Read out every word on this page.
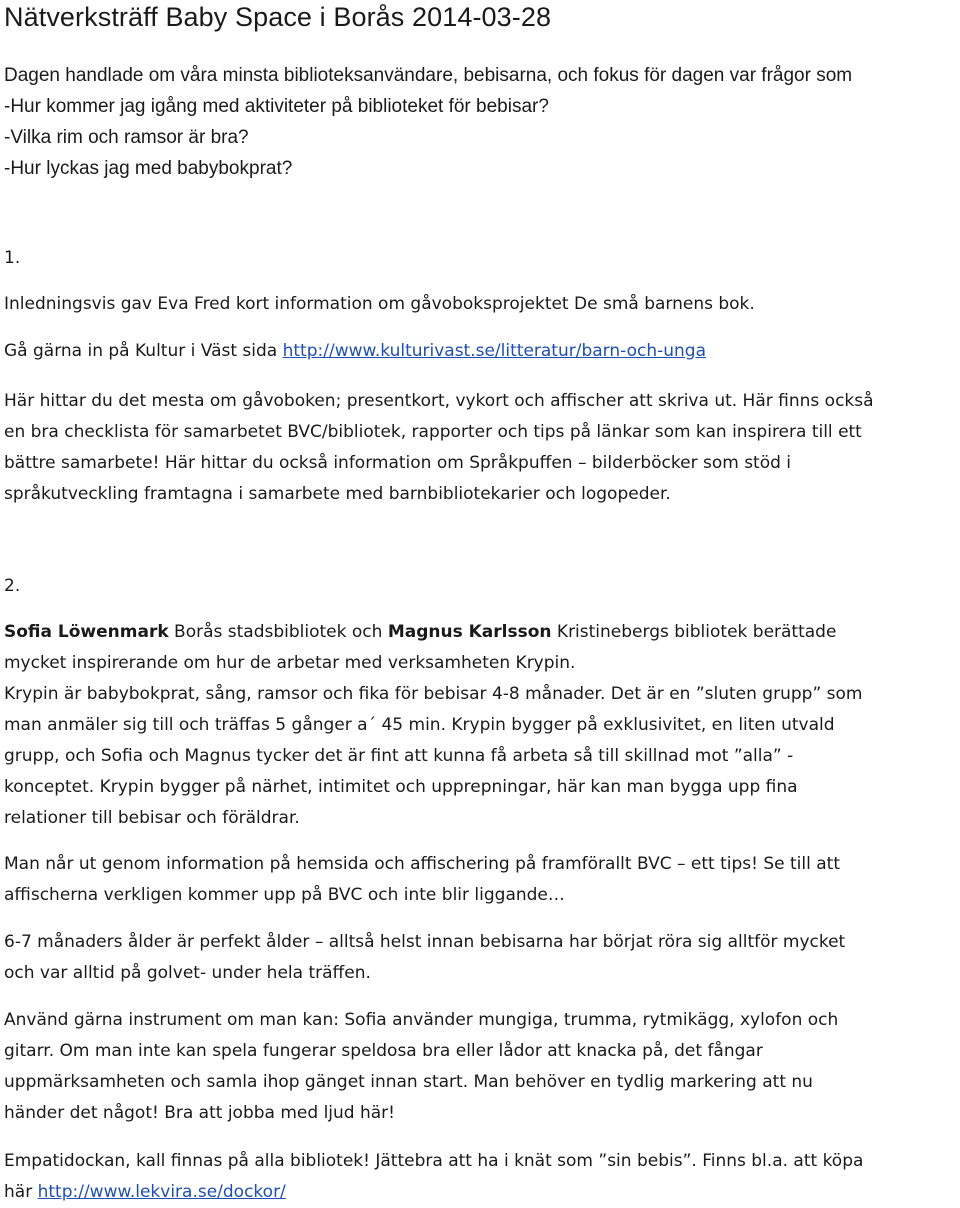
Nätverksträff Baby Space i Borås 2014-03-28
Dagen handlade om våra minsta biblioteksanvändare, bebisarna, och fokus för dagen var frågor som
-Hur kommer jag igång med aktiviteter på biblioteket för bebisar?
-Vilka rim och ramsor är bra?
-Hur lyckas jag med babybokprat?
1.
Inledningsvis gav Eva Fred kort information om gåvoboksprojektet De små barnens bok.
Gå gärna in på Kultur i Väst sida http://www.kulturivast.se/litteratur/barn-och-unga
Här hittar du det mesta om gåvoboken; presentkort, vykort och affischer att skriva ut. Här finns också
en bra checklista för samarbetet BVC/bibliotek, rapporter och tips på länkar som kan inspirera till ett
bättre samarbete! Här hittar du också information om Språkpuffen – bilderböcker som stöd i
språkutveckling framtagna i samarbete med barnbibliotekarier och logopeder.
2.
Sofia Löwenmark Borås stadsbibliotek och Magnus Karlsson Kristinebergs bibliotek berättade
mycket inspirerande om hur de arbetar med verksamheten Krypin.
Krypin är babybokprat, sång, ramsor och fika för bebisar 4-8 månader. Det är en ”sluten grupp” som
man anmäler sig till och träffas 5 gånger a´ 45 min. Krypin bygger på exklusivitet, en liten utvald
grupp, och Sofia och Magnus tycker det är fint att kunna få arbeta så till skillnad mot ”alla” -
konceptet. Krypin bygger på närhet, intimitet och upprepningar, här kan man bygga upp fina
relationer till bebisar och föräldrar.
Man når ut genom information på hemsida och affischering på framförallt BVC – ett tips! Se till att
affischerna verkligen kommer upp på BVC och inte blir liggande…
6-7 månaders ålder är perfekt ålder – alltså helst innan bebisarna har börjat röra sig alltför mycket
och var alltid på golvet- under hela träffen.
Använd gärna instrument om man kan: Sofia använder mungiga, trumma, rytmikägg, xylofon och
gitarr. Om man inte kan spela fungerar speldosa bra eller lådor att knacka på, det fångar
uppmärksamheten och samla ihop gänget innan start. Man behöver en tydlig markering att nu
händer det något! Bra att jobba med ljud här!
Empatidockan, kall finnas på alla bibliotek! Jättebra att ha i knät som ”sin bebis”. Finns bl.a. att köpa
här http://www.lekvira.se/dockor/
